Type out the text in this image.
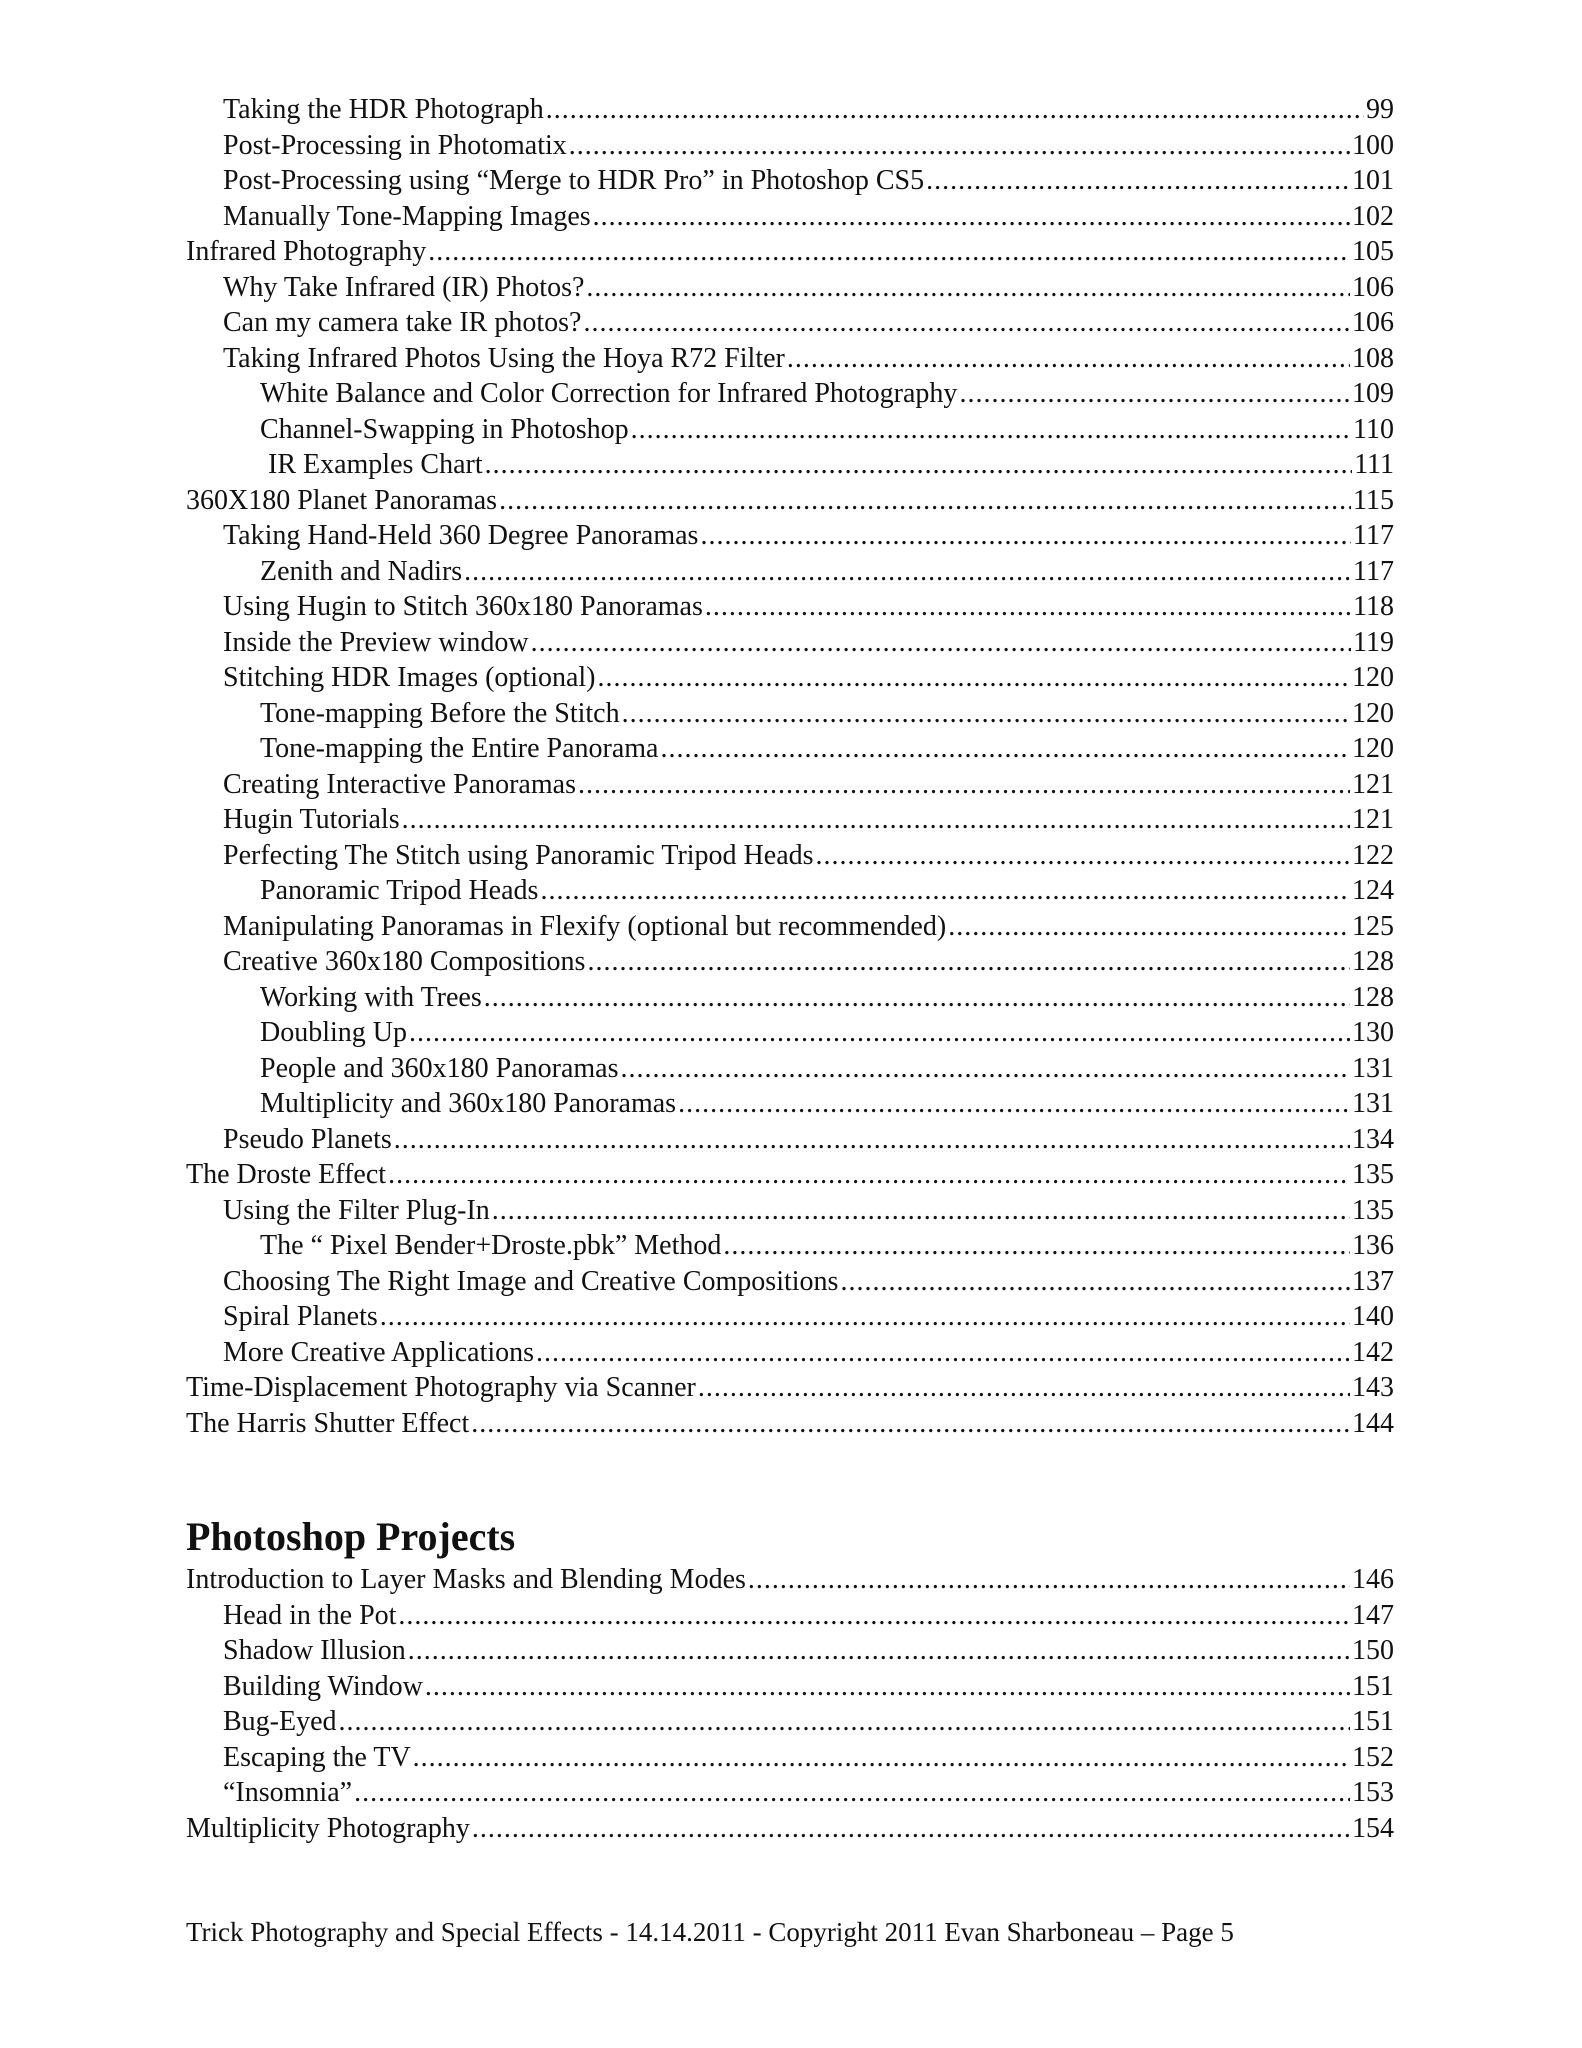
Taking the HDR Photograph .....	99
Post-Processing in Photomatix .....	100
Post-Processing using “Merge to HDR Pro” in Photoshop CS5 .....	101
Manually Tone-Mapping Images .....	102
Infrared Photography .....	105
Why Take Infrared (IR) Photos? .....	106
Can my camera take IR photos? .....	106
Taking Infrared Photos Using the Hoya R72 Filter .....	108
White Balance and Color Correction for Infrared Photography .....	109
Channel-Swapping in Photoshop .....	110
IR Examples Chart .....	111
360X180 Planet Panoramas .....	115
Taking Hand-Held 360 Degree Panoramas .....	117
Zenith and Nadirs .....	117
Using Hugin to Stitch 360x180 Panoramas .....	118
Inside the Preview window .....	119
Stitching HDR Images (optional) .....	120
Tone-mapping Before the Stitch .....	120
Tone-mapping the Entire Panorama .....	120
Creating Interactive Panoramas .....	121
Hugin Tutorials .....	121
Perfecting The Stitch using Panoramic Tripod Heads .....	122
Panoramic Tripod Heads .....	124
Manipulating Panoramas in Flexify (optional but recommended) .....	125
Creative 360x180 Compositions .....	128
Working with Trees .....	128
Doubling Up .....	130
People and 360x180 Panoramas .....	131
Multiplicity and 360x180 Panoramas .....	131
Pseudo Planets .....	134
The Droste Effect .....	135
Using the Filter Plug-In .....	135
The “ Pixel Bender+Droste.pbk” Method .....	136
Choosing The Right Image and Creative Compositions .....	137
Spiral Planets .....	140
More Creative Applications .....	142
Time-Displacement Photography via Scanner .....	143
The Harris Shutter Effect .....	144
Photoshop Projects
Introduction to Layer Masks and Blending Modes .....	146
Head in the Pot .....	147
Shadow Illusion .....	150
Building Window .....	151
Bug-Eyed .....	151
Escaping the TV .....	152
“Insomnia” .....	153
Multiplicity Photography .....	154
Trick Photography and Special Effects - 14.14.2011 - Copyright 2011 Evan Sharboneau – Page 5
